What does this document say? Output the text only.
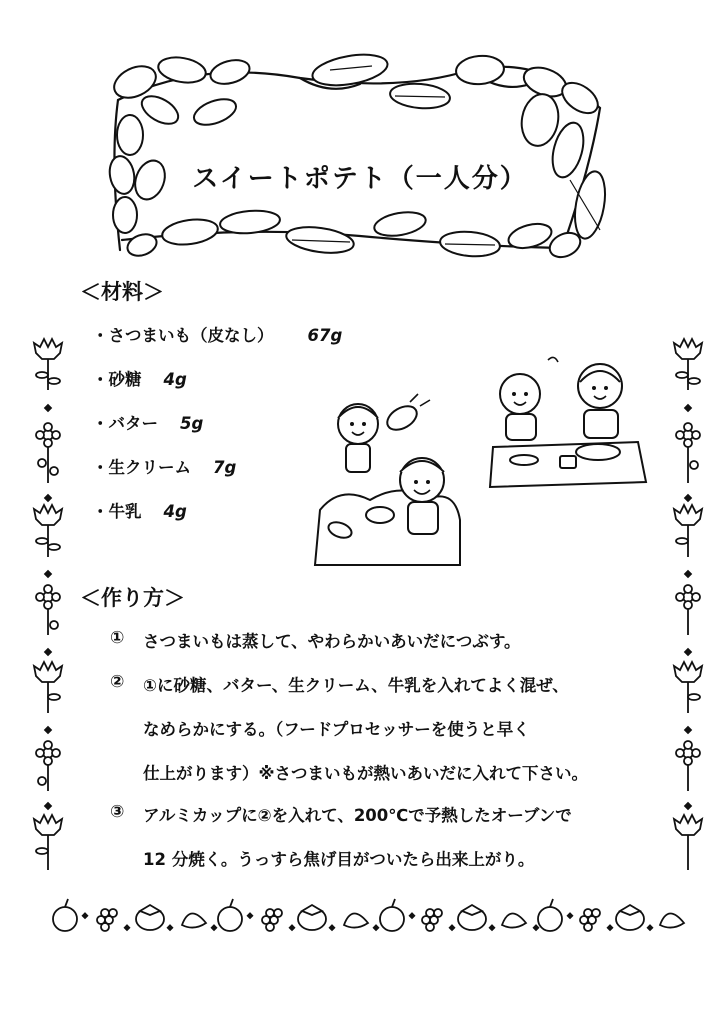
スイートポテト（一人分）
＜材料＞
・さつまいも（皮なし） 67g
・砂糖 4g
・バター 5g
・生クリーム 7g
・牛乳 4g
＜作り方＞
① さつまいもは蒸して、やわらかいあいだにつぶす。
② ①に砂糖、バター、生クリーム、牛乳を入れてよく混ぜ、
なめらかにする。（フードプロセッサーを使うと早く
仕上がります）※さつまいもが熱いあいだに入れて下さい。
③ アルミカップに②を入れて、200℃で予熱したオーブンで
12 分焼く。うっすら焦げ目がついたら出来上がり。
